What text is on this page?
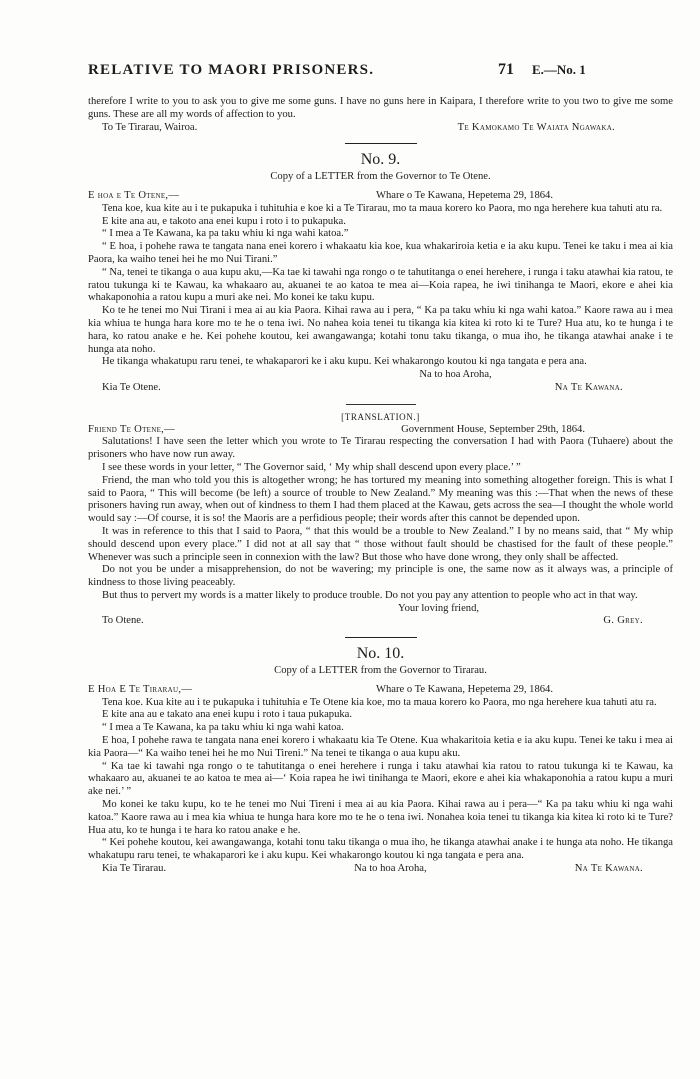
RELATIVE TO MAORI PRISONERS.	71 E.—No. 1

therefore I write to you to ask you to give me some guns. I have no guns here in Kaipara, I therefore write to you two to give me some guns. These are all my words of affection to you.

To Te Tirarau, Wairoa.	Te Kamokamo Te Waiata Ngawaka.
No. 9.
Copy of a LETTER from the Governor to Te Otene.
E hoa e Te Otene,—	Whare o Te Kawana, Hepetema 29, 1864.

Tena koe, kua kite au i te pukapuka i tuhituhia e koe ki a Te Tirarau, mo ta maua korero ko Paora, mo nga herehere kua tahuti atu ra.

E kite ana au, e takoto ana enei kupu i roto i to pukapuka.

“ I mea a Te Kawana, ka pa taku whiu ki nga wahi katoa.”

“ E hoa, i pohehe rawa te tangata nana enei korero i whakaatu kia koe, kua whakariroia ketia e ia aku kupu. Tenei ke taku i mea ai kia Paora, ka waiho tenei hei he mo Nui Tirani.”

“ Na, tenei te tikanga o aua kupu aku,—Ka tae ki tawahi nga rongo o te tahutitanga o enei herehere, i runga i taku atawhai kia ratou, te ratou tukunga ki te Kawau, ka whakaaro au, akuanei te ao katoa te mea ai—Koia rapea, he iwi tinihanga te Maori, ekore e ahei kia whakaponohia a ratou kupu a muri ake nei. Mo konei ke taku kupu.

Ko te he tenei mo Nui Tirani i mea ai au kia Paora. Kihai rawa au i pera, “ Ka pa taku whiu ki nga wahi katoa.” Kaore rawa au i mea kia whiua te hunga hara kore mo te he o tena iwi. No nahea koia tenei tu tikanga kia kitea ki roto ki te Ture? Hua atu, ko te hunga i te hara, ko ratou anake e he. Kei pohehe koutou, kei awangawanga; kotahi tonu taku tikanga, o mua iho, he tikanga atawhai anake i te hunga ata noho.

He tikanga whakatupu raru tenei, te whakaparori ke i aku kupu. Kei whakarongo koutou ki nga tangata e pera ana.

Na to hoa Aroha,
Kia Te Otene.	Na Te Kawana.
[TRANSLATION.]
Friend Te Otene,—	Government House, September 29th, 1864.

Salutations! I have seen the letter which you wrote to Te Tirarau respecting the conversation I had with Paora (Tuhaere) about the prisoners who have now run away.

I see these words in your letter, “ The Governor said, ‘ My whip shall descend upon every place.’ ”

Friend, the man who told you this is altogether wrong; he has tortured my meaning into something altogether foreign. This is what I said to Paora, “ This will become (be left) a source of trouble to New Zealand.” My meaning was this :—That when the news of these prisoners having run away, when out of kindness to them I had them placed at the Kawau, gets across the sea—I thought the whole world would say :—Of course, it is so! the Maoris are a perfidious people; their words after this cannot be depended upon.

It was in reference to this that I said to Paora, “ that this would be a trouble to New Zealand.” I by no means said, that “ My whip should descend upon every place.” I did not at all say that “ those without fault should be chastised for the fault of these people.” Whenever was such a principle seen in connexion with the law? But those who have done wrong, they only shall be affected.

Do not you be under a misapprehension, do not be wavering; my principle is one, the same now as it always was, a principle of kindness to those living peaceably.

But thus to pervert my words is a matter likely to produce trouble. Do not you pay any attention to people who act in that way.

Your loving friend,
To Otene.	G. Grey.
No. 10.
Copy of a LETTER from the Governor to Tirarau.
E Hoa E Te Tirarau,—	Whare o Te Kawana, Hepetema 29, 1864.

Tena koe. Kua kite au i te pukapuka i tuhituhia e Te Otene kia koe, mo ta maua korero ko Paora, mo nga herehere kua tahuti atu ra.

E kite ana au e takato ana enei kupu i roto i taua pukapuka.

“ I mea a Te Kawana, ka pa taku whiu ki nga wahi katoa.

E hoa, I pohehe rawa te tangata nana enei korero i whakaatu kia Te Otene. Kua whakaritoia ketia e ia aku kupu. Tenei ke taku i mea ai kia Paora—“ Ka waiho tenei hei he mo Nui Tireni.” Na tenei te tikanga o aua kupu aku.

“ Ka tae ki tawahi nga rongo o te tahutitanga o enei herehere i runga i taku atawhai kia ratou to ratou tukunga ki te Kawau, ka whakaaro au, akuanei te ao katoa te mea ai—‘ Koia rapea he iwi tinihanga te Maori, ekore e ahei kia whakaponohia a ratou kupu a muri ake nei.’ ”

Mo konei ke taku kupu, ko te he tenei mo Nui Tireni i mea ai au kia Paora. Kihai rawa au i pera—“ Ka pa taku whiu ki nga wahi katoa.” Kaore rawa au i mea kia whiua te hunga hara kore mo te he o tena iwi. Nonahea koia tenei tu tikanga kia kitea ki roto ki te Ture? Hua atu, ko te hunga i te hara ko ratou anake e he.

“ Kei pohehe koutou, kei awangawanga, kotahi tonu taku tikanga o mua iho, he tikanga atawhai anake i te hunga ata noho. He tikanga whakatupu raru tenei, te whakaparori ke i aku kupu. Kei whakarongo koutou ki nga tangata e pera ana.

Kia Te Tirarau.	Na to hoa Aroha,	Na Te Kawana.
